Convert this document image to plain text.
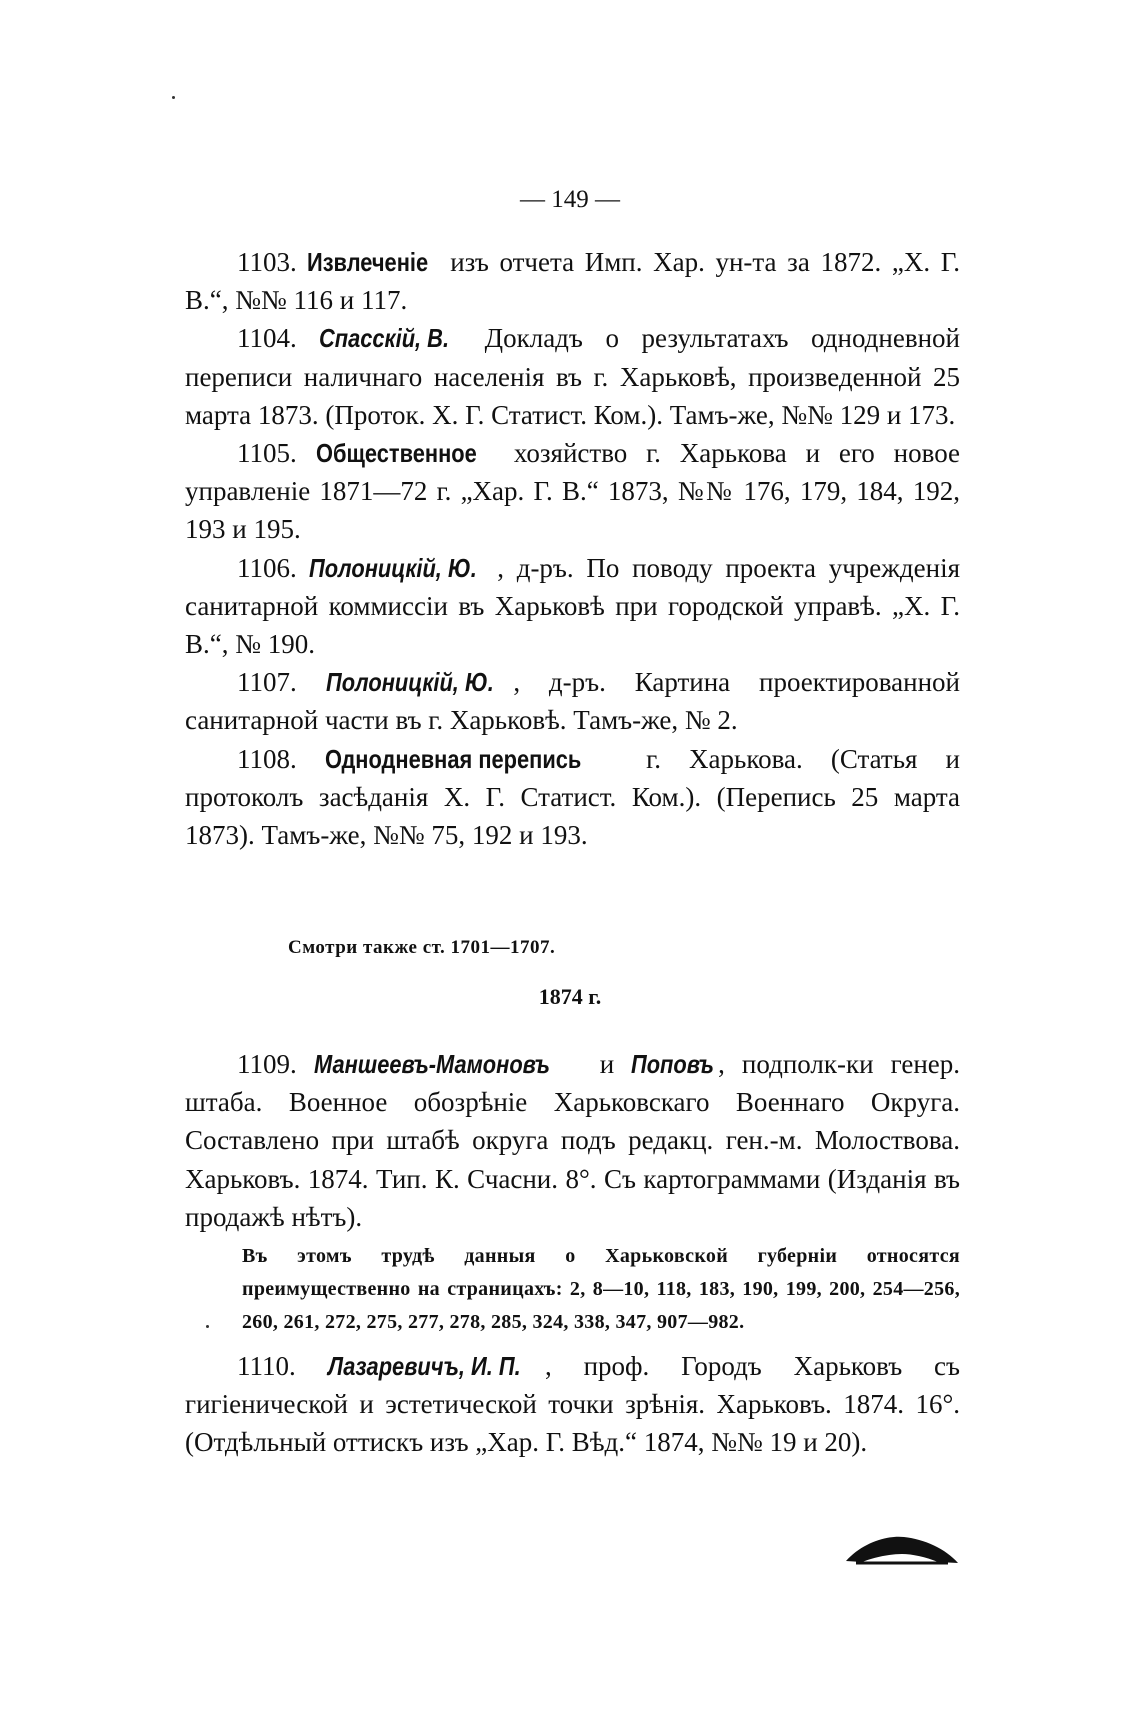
— 149 —

1103. Извлеченіе изъ отчета Имп. Хар. ун-та за 1872. „Х. Г. В.“, №№ 116 и 117.

1104. Спасскій, В. Докладъ о результатахъ однодневной переписи наличнаго населенія въ г. Харьковѣ, произведенной 25 марта 1873. (Проток. Х. Г. Статист. Ком.). Тамъ-же, №№ 129 и 173.

1105. Общественное хозяйство г. Харькова и его новое управленіе 1871—72 г. „Хар. Г. В.“ 1873, №№ 176, 179, 184, 192, 193 и 195.

1106. Полоницкій, Ю. , д-ръ. По поводу проекта учрежденія санитарной коммиссіи въ Харьковѣ при городской управѣ. „Х. Г. В.“, № 190.

1107. Полоницкій, Ю. , д-ръ. Картина проектированной санитарной части въ г. Харьковѣ. Тамъ-же, № 2.

1108. Однодневная перепись г. Харькова. (Статья и протоколъ засѣданія Х. Г. Статист. Ком.). (Перепись 25 марта 1873). Тамъ-же, №№ 75, 192 и 193.

Смотри также ст. 1701—1707.
1874 г.

1109. Маншеевъ-Мамоновъ и Поповъ , подполк-ки генер. штаба. Военное обозрѣніе Харьковскаго Военнаго Округа. Составлено при штабѣ округа подъ редакц. ген.-м. Молоствова. Харьковъ. 1874. Тип. К. Счасни. 8°. Съ картограммами (Изданія въ продажѣ нѣтъ).

Въ этомъ трудѣ данныя о Харьковской губерніи относятся преимущественно на страницахъ: 2, 8—10, 118, 183, 190, 199, 200, 254—256, 260, 261, 272, 275, 277, 278, 285, 324, 338, 347, 907—982.

1110. Лазаревичъ, И. П. , проф. Городъ Харьковъ съ гигіенической и эстетической точки зрѣнія. Харьковъ. 1874. 16°. (Отдѣльный оттискъ изъ „Хар. Г. Вѣд.“ 1874, №№ 19 и 20).
